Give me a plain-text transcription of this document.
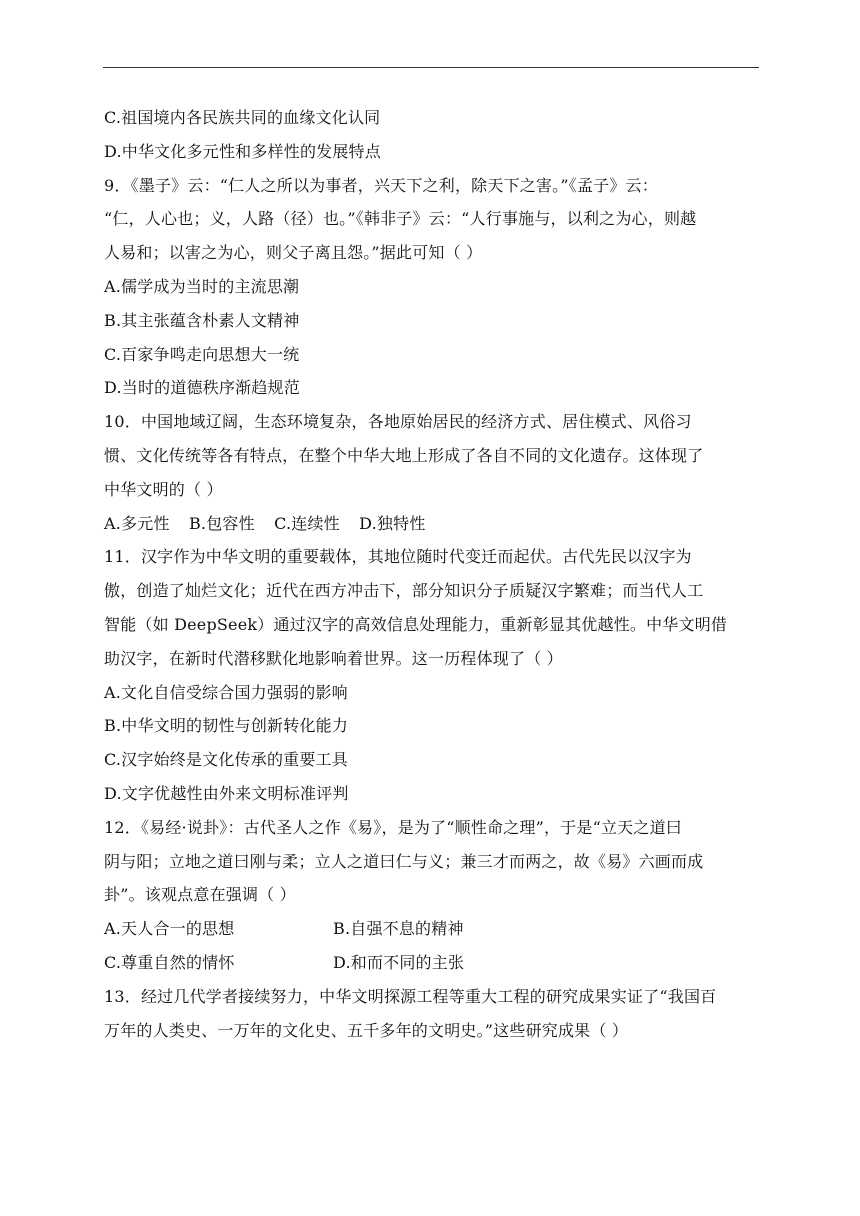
C.祖国境内各民族共同的血缘文化认同
D.中华文化多元性和多样性的发展特点
9．《墨子》云：“仁人之所以为事者，兴天下之利，除天下之害。”《孟子》云：
“仁，人心也；义，人路（径）也。”《韩非子》云：“人行事施与，以利之为心，则越
人易和；以害之为心，则父子离且怨。”据此可知（ ）
A.儒学成为当时的主流思潮
B.其主张蕴含朴素人文精神
C.百家争鸣走向思想大一统
D.当时的道德秩序渐趋规范
10．中国地域辽阔，生态环境复杂，各地原始居民的经济方式、居住模式、风俗习
惯、文化传统等各有特点，在整个中华大地上形成了各自不同的文化遗存。这体现了
中华文明的（ ）
A.多元性 B.包容性 C.连续性 D.独特性
11．汉字作为中华文明的重要载体，其地位随时代变迁而起伏。古代先民以汉字为
傲，创造了灿烂文化；近代在西方冲击下，部分知识分子质疑汉字繁难；而当代人工
智能（如 DeepSeek）通过汉字的高效信息处理能力，重新彰显其优越性。中华文明借
助汉字，在新时代潜移默化地影响着世界。这一历程体现了（ ）
A.文化自信受综合国力强弱的影响
B.中华文明的韧性与创新转化能力
C.汉字始终是文化传承的重要工具
D.文字优越性由外来文明标准评判
12．《易经·说卦》：古代圣人之作《易》，是为了“顺性命之理”，于是“立天之道曰
阴与阳；立地之道曰刚与柔；立人之道曰仁与义；兼三才而两之，故《易》六画而成
卦”。该观点意在强调（ ）
A.天人合一的思想	B.自强不息的精神
C.尊重自然的情怀	D.和而不同的主张
13．经过几代学者接续努力，中华文明探源工程等重大工程的研究成果实证了“我国百
万年的人类史、一万年的文化史、五千多年的文明史。”这些研究成果（ ）
